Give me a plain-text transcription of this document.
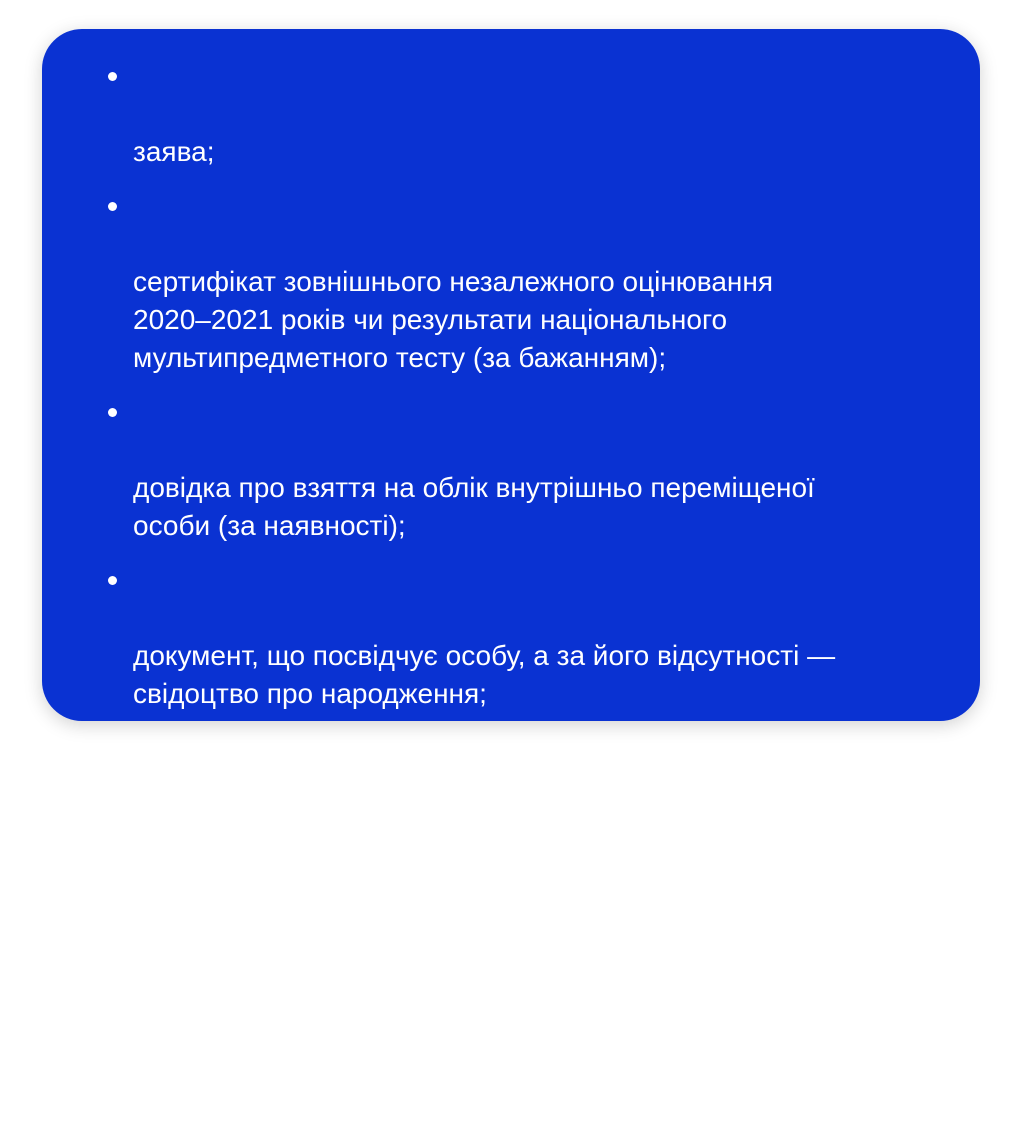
заява;

сертифікат зовнішнього незалежного оцінювання
2020–2021 років чи результати національного
мультипредметного тесту (за бажанням);

довідка про взяття на облік внутрішньо переміщеної
особи (за наявності);

документ, що посвідчує особу, а за його відсутності —
свідоцтво про народження;

чотири кольорові фотографії розміром 3×4 см;

документ про освіту державного зразка та додаток до
нього або довідку про успішне проходження річного
оцінювання та державну підсумкову атестацію (у разі
віддаленої подачі центр отримує довідку самостійно
від закладу проходження тестування/оцінювання).
